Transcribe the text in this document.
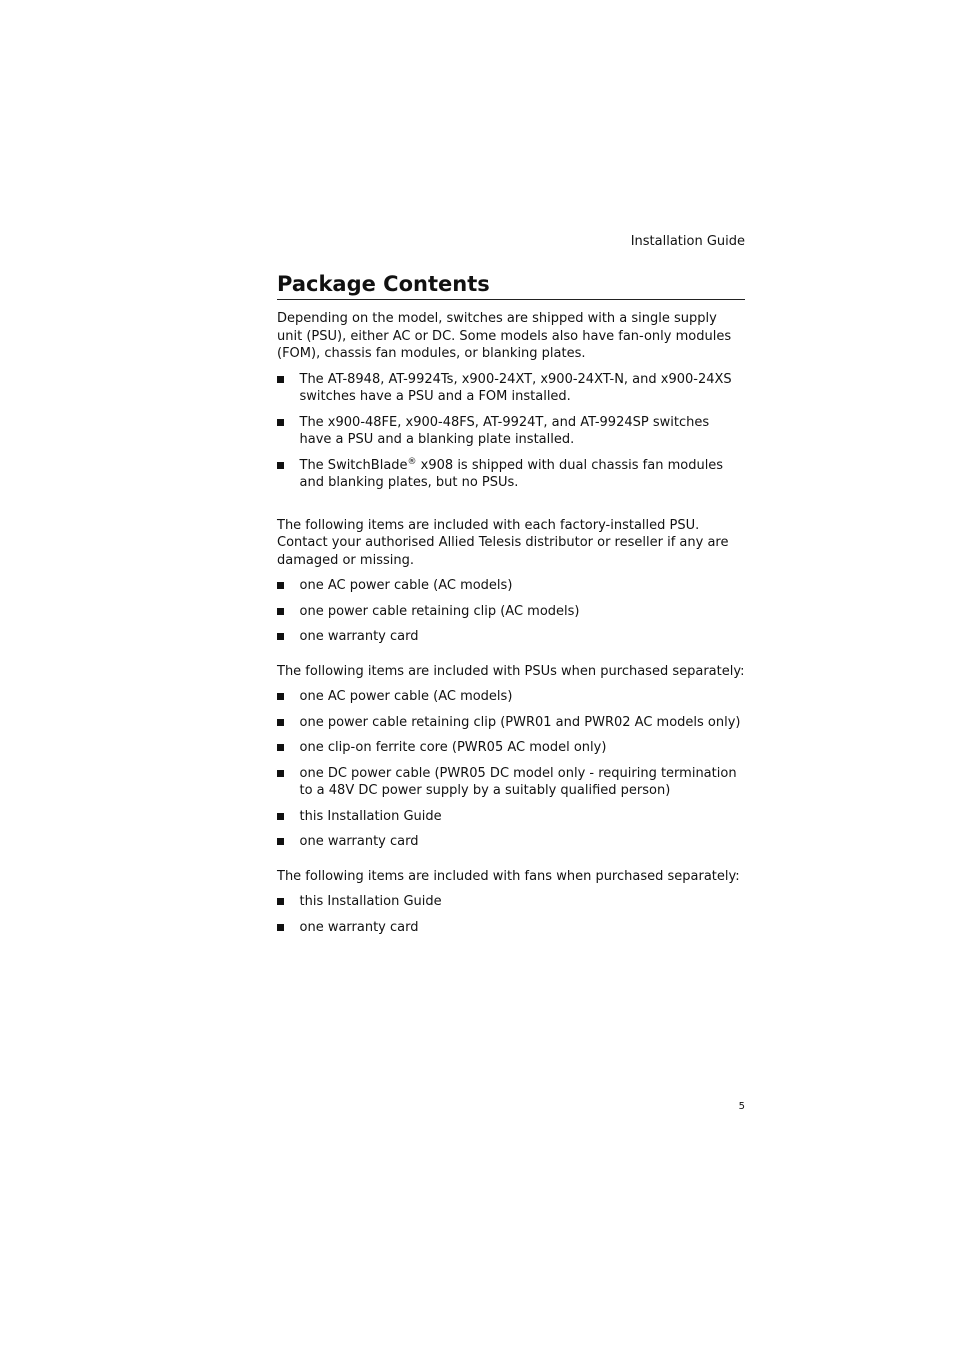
Installation Guide
Package Contents

Depending on the model, switches are shipped with a single supply unit (PSU), either AC or DC. Some models also have fan-only modules (FOM), chassis fan modules, or blanking plates.

The AT-8948, AT-9924Ts, x900-24XT, x900-24XT-N, and x900-24XS switches have a PSU and a FOM installed.
The x900-48FE, x900-48FS, AT-9924T, and AT-9924SP switches have a PSU and a blanking plate installed.
The SwitchBlade® x908 is shipped with dual chassis fan modules and blanking plates, but no PSUs.

The following items are included with each factory-installed PSU. Contact your authorised Allied Telesis distributor or reseller if any are damaged or missing.

one AC power cable (AC models)
one power cable retaining clip (AC models)
one warranty card

The following items are included with PSUs when purchased separately:

one AC power cable (AC models)
one power cable retaining clip (PWR01 and PWR02 AC models only)
one clip-on ferrite core (PWR05 AC model only)
one DC power cable (PWR05 DC model only - requiring termination to a 48V DC power supply by a suitably qualified person)
this Installation Guide
one warranty card

The following items are included with fans when purchased separately:

this Installation Guide
one warranty card
5
